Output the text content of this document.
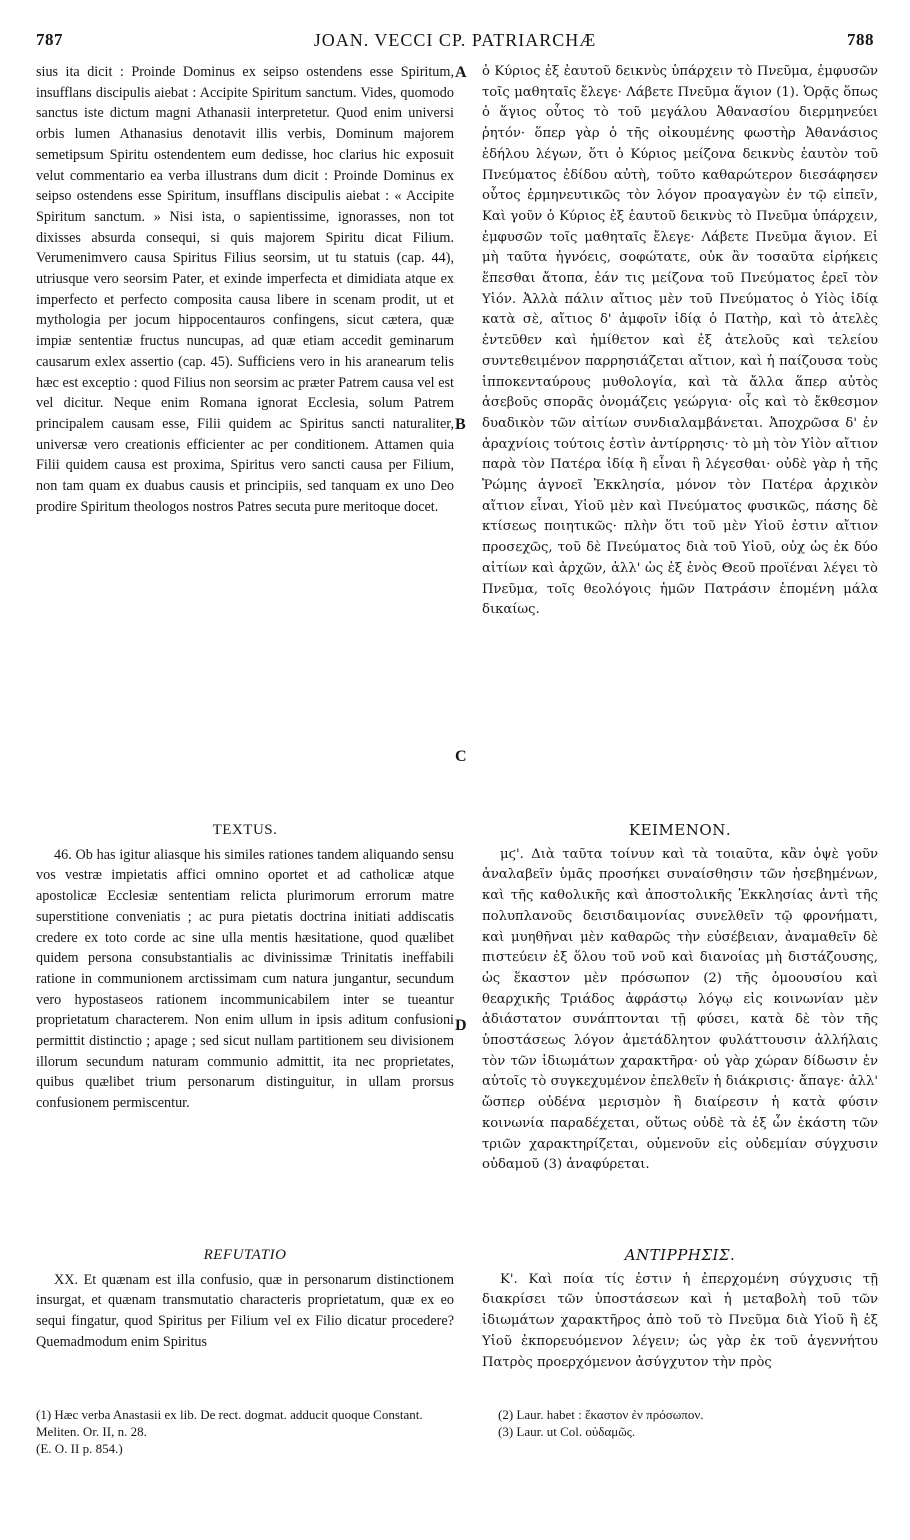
787	JOAN. VECCI CP. PATRIARCHÆ	788
A
B
C
D

sius ita dicit : Proinde Dominus ex seipso ostendens esse Spiritum, insufflans discipulis aiebat : Accipite Spiritum sanctum. Vides, quomodo sanctus iste dictum magni Athanasii interpretetur. Quod enim universi orbis lumen Athanasius denotavit illis verbis, Dominum majorem semetipsum Spiritu ostendentem eum dedisse, hoc clarius hic exposuit velut commentario ea verba illustrans dum dicit : Proinde Dominus ex seipso ostendens esse Spiritum, insufflans discipulis aiebat : « Accipite Spiritum sanctum. » Nisi ista, o sapientissime, ignorasses, non tot dixisses absurda consequi, si quis majorem Spiritu dicat Filium. Verumenimvero causa Spiritus Filius seorsim, ut tu statuis (cap. 44), utriusque vero seorsim Pater, et exinde imperfecta et dimidiata atque ex imperfecto et perfecto composita causa libere in scenam prodit, ut et mythologia per jocum hippocentauros confingens, sicut cætera, quæ impiæ sententiæ fructus nuncupas, ad quæ etiam accedit geminarum causarum exlex assertio (cap. 45). Sufficiens vero in his aranearum telis hæc est exceptio : quod Filius non seorsim ac præter Patrem causa vel est vel dicitur. Neque enim Romana ignorat Ecclesia, solum Patrem principalem causam esse, Filii quidem ac Spiritus sancti naturaliter, universæ vero creationis efficienter ac per conditionem. Attamen quia Filii quidem causa est proxima, Spiritus vero sancti causa per Filium, non tam quam ex duabus causis et principiis, sed tanquam ex uno Deo prodire Spiritum theologos nostros Patres secuta pure meritoque docet.

TEXTUS.

46. Ob has igitur aliasque his similes rationes tandem aliquando sensu vos vestræ impietatis affici omnino oportet et ad catholicæ atque apostolicæ Ecclesiæ sententiam relicta plurimorum errorum matre superstitione conveniatis ; ac pura pietatis doctrina initiati addiscatis credere ex toto corde ac sine ulla mentis hæsitatione, quod quælibet quidem persona consubstantialis ac divinissimæ Trinitatis ineffabili ratione in communionem arctissimam cum natura jungantur, secundum vero hypostaseos rationem incommunicabilem inter se tueantur proprietatum characterem. Non enim ullum in ipsis aditum confusioni permittit distinctio ; apage ; sed sicut nullam partitionem seu divisionem illorum secundum naturam communio admittit, ita nec proprietates, quibus quælibet trium personarum distinguitur, in ullam prorsus confusionem permiscentur.

REFUTATIO

XX. Et quænam est illa confusio, quæ in personarum distinctionem insurgat, et quænam transmutatio characteris proprietatum, quæ ex eo sequi fingatur, quod Spiritus per Filium vel ex Filio dicatur procedere? Quemadmodum enim Spiritus

ὁ Κύριος ἐξ ἑαυτοῦ δεικνὺς ὑπάρχειν τὸ Πνεῦμα, ἐμφυσῶν τοῖς μαθηταῖς ἔλεγε· Λάβετε Πνεῦμα ἅγιον (1). Ὁρᾷς ὅπως ὁ ἅγιος οὗτος τὸ τοῦ μεγάλου Ἀθανασίου διερμηνεύει ῥητόν· ὅπερ γὰρ ὁ τῆς οἰκουμένης φωστὴρ Ἀθανάσιος ἐδήλου λέγων, ὅτι ὁ Κύριος μείζονα δεικνὺς ἑαυτὸν τοῦ Πνεύματος ἐδίδου αὐτὴ, τοῦτο καθαρώτερον διεσάφησεν οὗτος ἑρμηνευτικῶς τὸν λόγον προαγαγὼν ἐν τῷ εἰπεῖν, Καὶ γοῦν ὁ Κύριος ἐξ ἑαυτοῦ δεικνὺς τὸ Πνεῦμα ὑπάρχειν, ἐμφυσῶν τοῖς μαθηταῖς ἔλεγε· Λάβετε Πνεῦμα ἅγιον. Εἰ μὴ ταῦτα ἠγνόεις, σοφώτατε, οὐκ ἂν τοσαῦτα εἰρήκεις ἕπεσθαι ἄτοπα, ἐάν τις μείζονα τοῦ Πνεύματος ἐρεῖ τὸν Υἱόν. Ἀλλὰ πάλιν αἴτιος μὲν τοῦ Πνεύματος ὁ Υἱὸς ἰδίᾳ κατὰ σὲ, αἴτιος δ' ἀμφοῖν ἰδίᾳ ὁ Πατὴρ, καὶ τὸ ἀτελὲς ἐντεῦθεν καὶ ἡμίθετον καὶ ἐξ ἀτελοῦς καὶ τελείου συντεθειμένον παρρησιάζεται αἴτιον, καὶ ἡ παίζουσα τοὺς ἱπποκενταύρους μυθολογία, καὶ τὰ ἄλλα ἅπερ αὐτὸς ἀσεβοῦς σπορᾶς ὀνομάζεις γεώργια· οἷς καὶ τὸ ἔκθεσμον δυαδικὸν τῶν αἰτίων συνδιαλαμβάνεται. Ἀποχρῶσα δ' ἐν ἀραχνίοις τούτοις ἐστὶν ἀντίρρησις· τὸ μὴ τὸν Υἱὸν αἴτιον παρὰ τὸν Πατέρα ἰδίᾳ ἢ εἶναι ἢ λέγεσθαι· οὐδὲ γὰρ ἡ τῆς Ῥώμης ἀγνοεῖ Ἐκκλησία, μόνον τὸν Πατέρα ἀρχικὸν αἴτιον εἶναι, Υἱοῦ μὲν καὶ Πνεύματος φυσικῶς, πάσης δὲ κτίσεως ποιητικῶς· πλὴν ὅτι τοῦ μὲν Υἱοῦ ἐστιν αἴτιον προσεχῶς, τοῦ δὲ Πνεύματος διὰ τοῦ Υἱοῦ, οὐχ ὡς ἐκ δύο αἰτίων καὶ ἀρχῶν, ἀλλ' ὡς ἐξ ἑνὸς Θεοῦ προϊέναι λέγει τὸ Πνεῦμα, τοῖς θεολόγοις ἡμῶν Πατράσιν ἑπομένη μάλα δικαίως.

ΚΕΙΜΕΝΟΝ.

μϛ'. Διὰ ταῦτα τοίνυν καὶ τὰ τοιαῦτα, κἂν ὀψὲ γοῦν ἀναλαβεῖν ὑμᾶς προσήκει συναίσθησιν τῶν ἠσεβημένων, καὶ τῆς καθολικῆς καὶ ἀποστολικῆς Ἐκκλησίας ἀντὶ τῆς πολυπλανοῦς δεισιδαιμονίας συνελθεῖν τῷ φρονήματι, καὶ μυηθῆναι μὲν καθαρῶς τὴν εὐσέβειαν, ἀναμαθεῖν δὲ πιστεύειν ἐξ ὅλου τοῦ νοῦ καὶ διανοίας μὴ διστάζουσης, ὡς ἕκαστον μὲν πρόσωπον (2) τῆς ὁμοουσίου καὶ θεαρχικῆς Τριάδος ἀφράστῳ λόγῳ εἰς κοινωνίαν μὲν ἀδιάστατον συνάπτονται τῇ φύσει, κατὰ δὲ τὸν τῆς ὑποστάσεως λόγον ἀμετάδλητον φυλάττουσιν ἀλλήλαις τὸν τῶν ἰδιωμάτων χαρακτῆρα· οὐ γὰρ χώραν δίδωσιν ἐν αὐτοῖς τὸ συγκεχυμένον ἐπελθεῖν ἡ διάκρισις· ἄπαγε· ἀλλ' ὥσπερ οὐδένα μερισμὸν ἢ διαίρεσιν ἡ κατὰ φύσιν κοινωνία παραδέχεται, οὕτως οὐδὲ τὰ ἐξ ὧν ἑκάστη τῶν τριῶν χαρακτηρίζεται, οὐμενοῦν εἰς οὐδεμίαν σύγχυσιν οὐδαμοῦ (3) ἀναφύρεται.

ΑΝΤΙΡΡΗΣΙΣ.

Κ'. Καὶ ποία τίς ἐστιν ἡ ἐπερχομένη σύγχυσις τῇ διακρίσει τῶν ὑποστάσεων καὶ ἡ μεταβολὴ τοῦ τῶν ἰδιωμάτων χαρακτῆρος ἀπὸ τοῦ τὸ Πνεῦμα διὰ Υἱοῦ ἢ ἐξ Υἱοῦ ἐκπορευόμενον λέγειν; ὡς γὰρ ἐκ τοῦ ἀγεννήτου Πατρὸς προερχόμενον ἀσύγχυτον τὴν πρὸς

(1) Hæc verba Anastasii ex lib. De rect. dogmat. adducit quoque Constant. Meliten. Or. II, n. 28.

(E. O. II p. 854.)

(2) Laur. habet : ἕκαστον ἐν πρόσωπον.

(3) Laur. ut Col. οὐδαμῶς.
